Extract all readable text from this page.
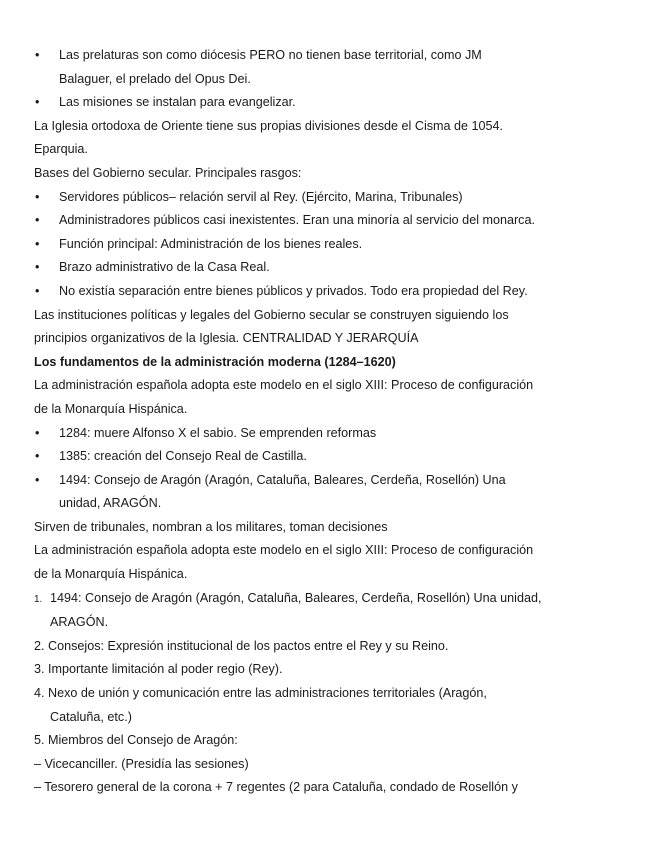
• Las prelaturas son como diócesis PERO no tienen base territorial, como JM
Balaguer, el prelado del Opus Dei.
• Las misiones se instalan para evangelizar.
La Iglesia ortodoxa de Oriente tiene sus propias divisiones desde el Cisma de 1054.
Eparquia.
Bases del Gobierno secular. Principales rasgos:
• Servidores públicos– relación servil al Rey. (Ejército, Marina, Tribunales)
• Administradores públicos casi inexistentes. Eran una minoría al servicio del monarca.
• Función principal: Administración de los bienes reales.
• Brazo administrativo de la Casa Real.
• No existía separación entre bienes públicos y privados. Todo era propiedad del Rey.
Las instituciones políticas y legales del Gobierno secular se construyen siguiendo los
principios organizativos de la Iglesia. CENTRALIDAD Y JERARQUÍA
Los fundamentos de la administración moderna (1284–1620)
La administración española adopta este modelo en el siglo XIII: Proceso de configuración
de la Monarquía Hispánica.
• 1284: muere Alfonso X el sabio. Se emprenden reformas
• 1385: creación del Consejo Real de Castilla.
• 1494: Consejo de Aragón (Aragón, Cataluña, Baleares, Cerdeña, Rosellón) Una
unidad, ARAGÓN.
Sirven de tribunales, nombran a los militares, toman decisiones
La administración española adopta este modelo en el siglo XIII: Proceso de configuración
de la Monarquía Hispánica.
1. 1494: Consejo de Aragón (Aragón, Cataluña, Baleares, Cerdeña, Rosellón) Una unidad,
ARAGÓN.
2. Consejos: Expresión institucional de los pactos entre el Rey y su Reino.
3. Importante limitación al poder regio (Rey).
4. Nexo de unión y comunicación entre las administraciones territoriales (Aragón,
Cataluña, etc.)
5. Miembros del Consejo de Aragón:
– Vicecanciller. (Presidía las sesiones)
– Tesorero general de la corona + 7 regentes (2 para Cataluña, condado de Rosellón y
